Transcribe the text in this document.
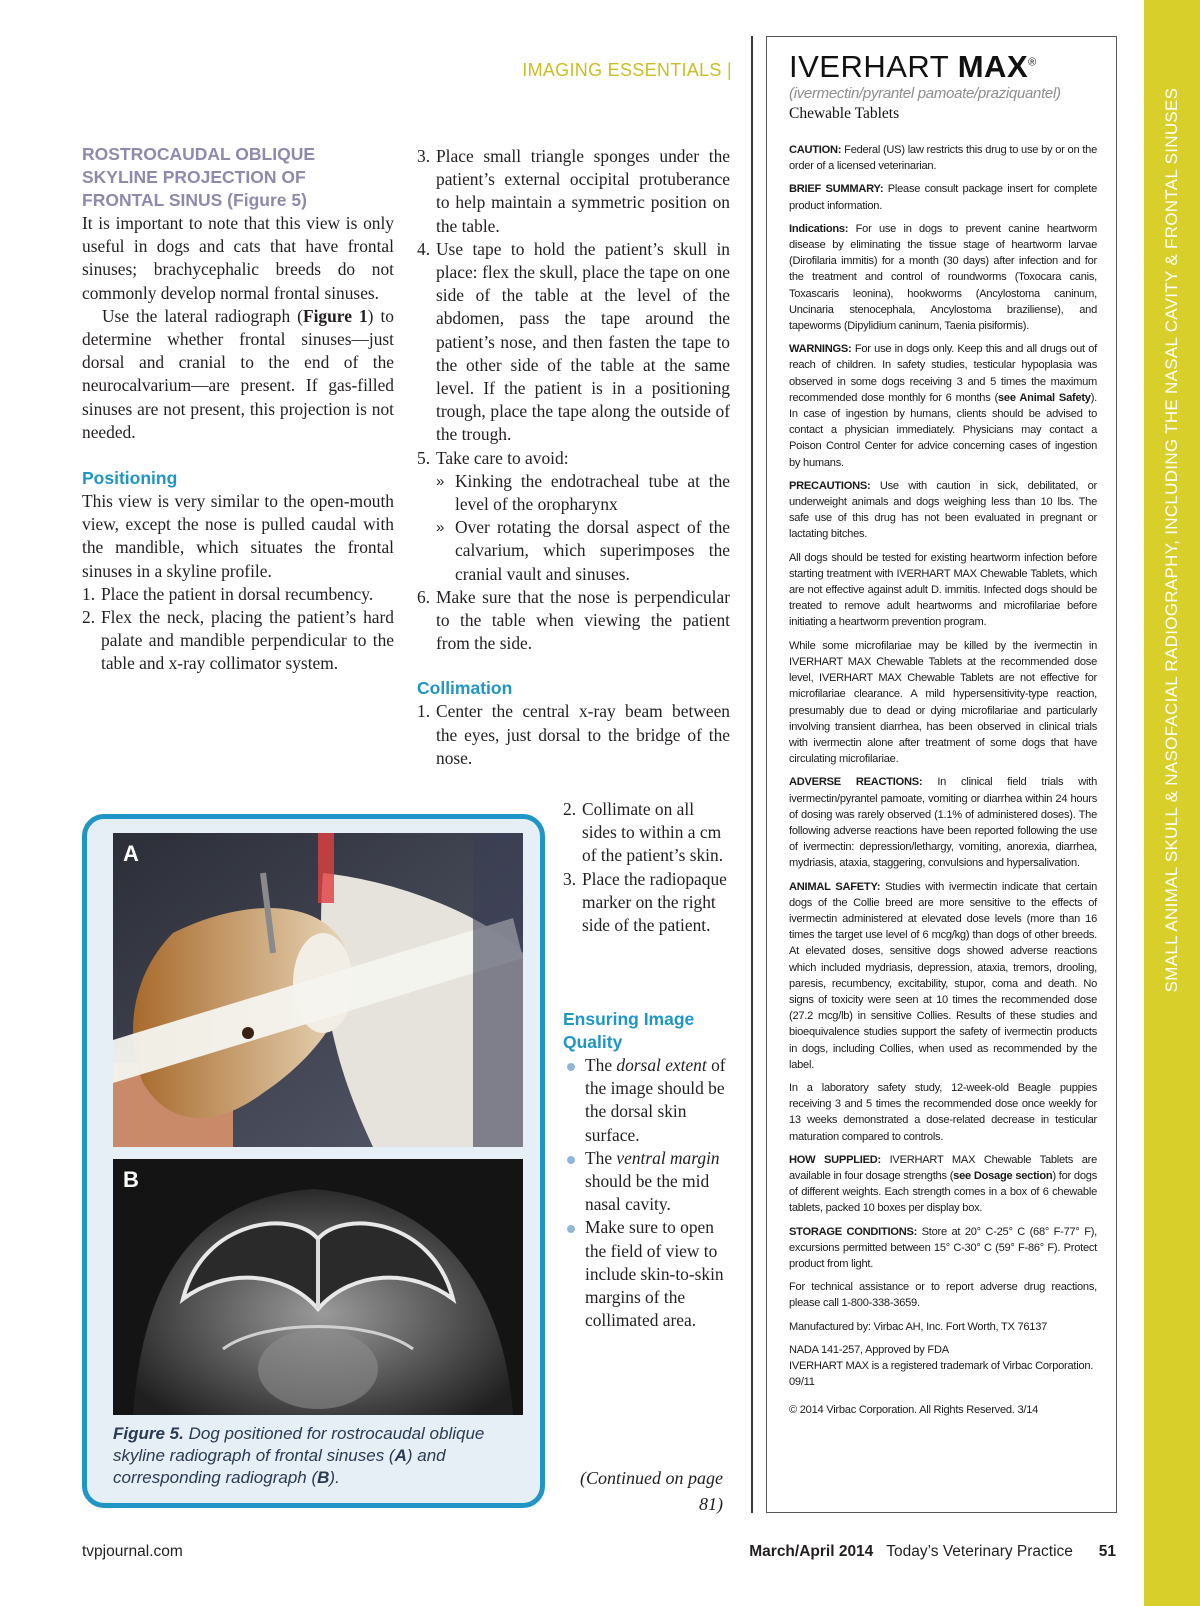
SMALL ANIMAL SKULL & NASOFACIAL RADIOGRAPHY, INCLUDING THE NASAL CAVITY & FRONTAL SINUSES
IMAGING ESSENTIALS |
ROSTROCAUDAL OBLIQUE SKYLINE PROJECTION OF FRONTAL SINUS (Figure 5)

It is important to note that this view is only useful in dogs and cats that have frontal sinuses; brachycephalic breeds do not commonly develop normal frontal sinuses.

Use the lateral radiograph (Figure 1) to determine whether frontal sinuses—just dorsal and cranial to the end of the neurocalvarium—are present. If gas-filled sinuses are not present, this projection is not needed.

Positioning

This view is very similar to the open-mouth view, except the nose is pulled caudal with the mandible, which situates the frontal sinuses in a skyline profile.

1. Place the patient in dorsal recumbency.
2. Flex the neck, placing the patient’s hard palate and mandible perpendicular to the table and x-ray collimator system.
3. Place small triangle sponges under the patient’s external occipital protuberance to help maintain a symmetric position on the table.
4. Use tape to hold the patient’s skull in place: flex the skull, place the tape on one side of the table at the level of the abdomen, pass the tape around the patient’s nose, and then fasten the tape to the other side of the table at the same level. If the patient is in a positioning trough, place the tape along the outside of the trough.
5. Take care to avoid:
» Kinking the endotracheal tube at the level of the oropharynx
» Over rotating the dorsal aspect of the calvarium, which superimposes the cranial vault and sinuses.
6. Make sure that the nose is perpendicular to the table when viewing the patient from the side.
Collimation
1. Center the central x-ray beam between the eyes, just dorsal to the bridge of the nose.
2. Collimate on all sides to within a cm of the patient’s skin.
3. Place the radiopaque marker on the right side of the patient.
Ensuring Image Quality
The dorsal extent of the image should be the dorsal skin surface.
The ventral margin should be the mid nasal cavity.
Make sure to open the field of view to include skin-to-skin margins of the collimated area.
(Continued on page 81)
A
B
Figure 5. Dog positioned for rostrocaudal oblique skyline radiograph of frontal sinuses (A) and corresponding radiograph (B).
IVERHART MAX®
(ivermectin/pyrantel pamoate/praziquantel)
Chewable Tablets

CAUTION: Federal (US) law restricts this drug to use by or on the order of a licensed veterinarian.

BRIEF SUMMARY: Please consult package insert for complete product information.

Indications: For use in dogs to prevent canine heartworm disease by eliminating the tissue stage of heartworm larvae (Dirofilaria immitis) for a month (30 days) after infection and for the treatment and control of roundworms (Toxocara canis, Toxascaris leonina), hookworms (Ancylostoma caninum, Uncinaria stenocephala, Ancylostoma braziliense), and tapeworms (Dipylidium caninum, Taenia pisiformis).

WARNINGS: For use in dogs only. Keep this and all drugs out of reach of children. In safety studies, testicular hypoplasia was observed in some dogs receiving 3 and 5 times the maximum recommended dose monthly for 6 months (see Animal Safety). In case of ingestion by humans, clients should be advised to contact a physician immediately. Physicians may contact a Poison Control Center for advice concerning cases of ingestion by humans.

PRECAUTIONS: Use with caution in sick, debilitated, or underweight animals and dogs weighing less than 10 lbs. The safe use of this drug has not been evaluated in pregnant or lactating bitches.

All dogs should be tested for existing heartworm infection before starting treatment with IVERHART MAX Chewable Tablets, which are not effective against adult D. immitis. Infected dogs should be treated to remove adult heartworms and microfilariae before initiating a heartworm prevention program.

While some microfilariae may be killed by the ivermectin in IVERHART MAX Chewable Tablets at the recommended dose level, IVERHART MAX Chewable Tablets are not effective for microfilariae clearance. A mild hypersensitivity-type reaction, presumably due to dead or dying microfilariae and particularly involving transient diarrhea, has been observed in clinical trials with ivermectin alone after treatment of some dogs that have circulating microfilariae.

ADVERSE REACTIONS: In clinical field trials with ivermectin/pyrantel pamoate, vomiting or diarrhea within 24 hours of dosing was rarely observed (1.1% of administered doses). The following adverse reactions have been reported following the use of ivermectin: depression/lethargy, vomiting, anorexia, diarrhea, mydriasis, ataxia, staggering, convulsions and hypersalivation.

ANIMAL SAFETY: Studies with ivermectin indicate that certain dogs of the Collie breed are more sensitive to the effects of ivermectin administered at elevated dose levels (more than 16 times the target use level of 6 mcg/kg) than dogs of other breeds. At elevated doses, sensitive dogs showed adverse reactions which included mydriasis, depression, ataxia, tremors, drooling, paresis, recumbency, excitability, stupor, coma and death. No signs of toxicity were seen at 10 times the recommended dose (27.2 mcg/lb) in sensitive Collies. Results of these studies and bioequivalence studies support the safety of ivermectin products in dogs, including Collies, when used as recommended by the label.

In a laboratory safety study, 12-week-old Beagle puppies receiving 3 and 5 times the recommended dose once weekly for 13 weeks demonstrated a dose-related decrease in testicular maturation compared to controls.

HOW SUPPLIED: IVERHART MAX Chewable Tablets are available in four dosage strengths (see Dosage section) for dogs of different weights. Each strength comes in a box of 6 chewable tablets, packed 10 boxes per display box.

STORAGE CONDITIONS: Store at 20° C-25° C (68° F-77° F), excursions permitted between 15° C-30° C (59° F-86° F). Protect product from light.

For technical assistance or to report adverse drug reactions, please call 1-800-338-3659.

Manufactured by: Virbac AH, Inc. Fort Worth, TX 76137

NADA 141-257, Approved by FDA
IVERHART MAX is a registered trademark of Virbac Corporation.
09/11

© 2014 Virbac Corporation. All Rights Reserved. 3/14

tvpjournal.com	March/April 2014 Today’s Veterinary Practice 51
